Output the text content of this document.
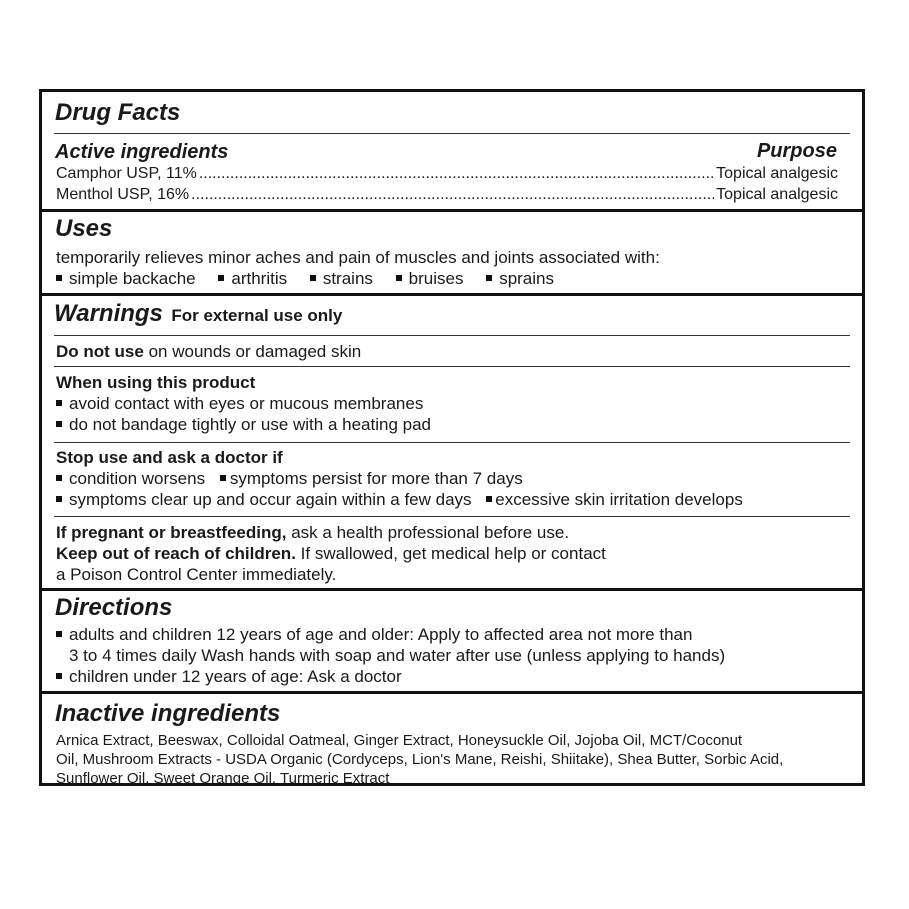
Drug Facts
Active ingredients	Purpose
Camphor USP, 11% .....	Topical analgesic
Menthol USP, 16% .....	Topical analgesic
Uses
temporarily relieves minor aches and pain of muscles and joints associated with:
simple backache arthritis strains bruises sprains
Warnings For external use only
Do not use on wounds or damaged skin
When using this product
avoid contact with eyes or mucous membranes
do not bandage tightly or use with a heating pad
Stop use and ask a doctor if
condition worsens symptoms persist for more than 7 days
symptoms clear up and occur again within a few days excessive skin irritation develops
If pregnant or breastfeeding, ask a health professional before use.
Keep out of reach of children. If swallowed, get medical help or contact
a Poison Control Center immediately.
Directions
adults and children 12 years of age and older: Apply to affected area not more than
3 to 4 times daily Wash hands with soap and water after use (unless applying to hands)
children under 12 years of age: Ask a doctor
Inactive ingredients
Arnica Extract, Beeswax, Colloidal Oatmeal, Ginger Extract, Honeysuckle Oil, Jojoba Oil, MCT/Coconut
Oil, Mushroom Extracts - USDA Organic (Cordyceps, Lion's Mane, Reishi, Shiitake), Shea Butter, Sorbic Acid,
Sunflower Oil, Sweet Orange Oil, Turmeric Extract
